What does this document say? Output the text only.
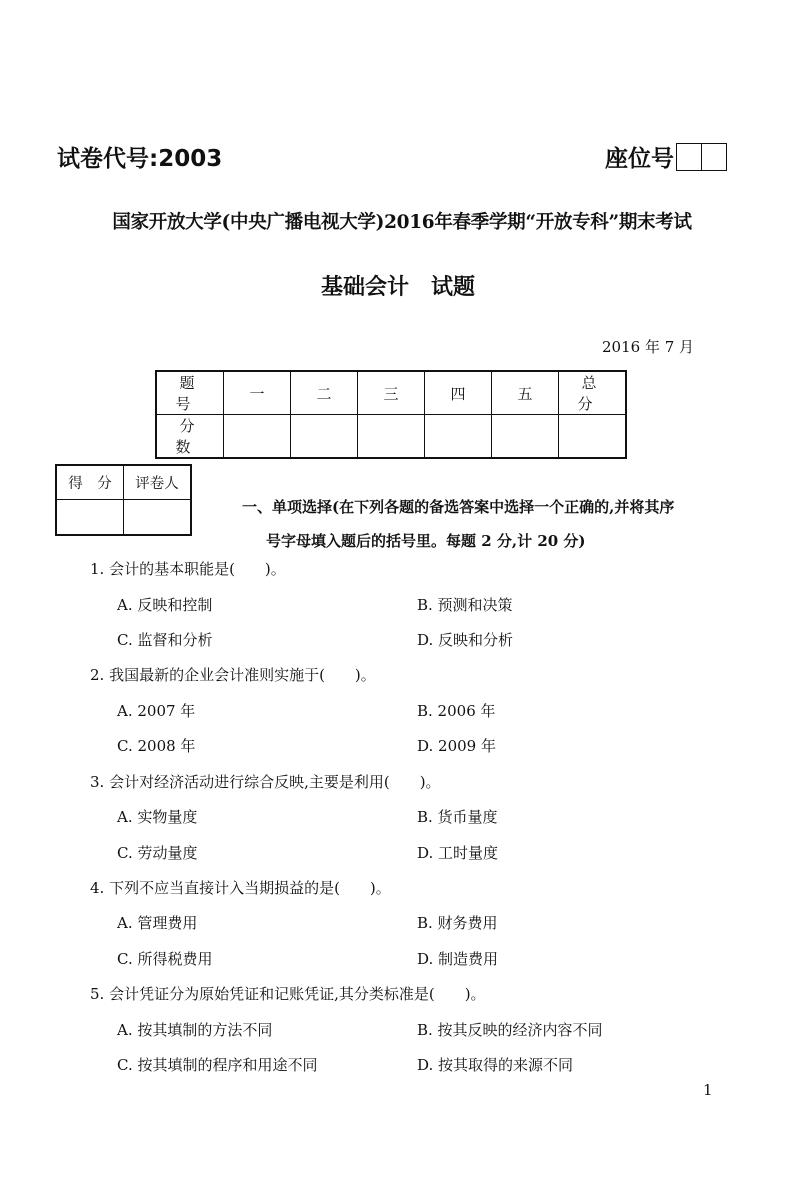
试卷代号:2003	座位号
国家开放大学(中央广播电视大学)2016年春季学期“开放专科”期末考试
基础会计　试题
2016 年 7 月
题　号	一	二	三	四	五	总　分
分　数						
得　分	评卷人

一、单项选择(在下列各题的备选答案中选择一个正确的,并将其序
号字母填入题后的括号里。每题 2 分,计 20 分)
1. 会计的基本职能是(　　)。
A. 反映和控制	B. 预测和决策
C. 监督和分析	D. 反映和分析
2. 我国最新的企业会计准则实施于(　　)。
A. 2007 年	B. 2006 年
C. 2008 年	D. 2009 年
3. 会计对经济活动进行综合反映,主要是利用(　　)。
A. 实物量度	B. 货币量度
C. 劳动量度	D. 工时量度
4. 下列不应当直接计入当期损益的是(　　)。
A. 管理费用	B. 财务费用
C. 所得税费用	D. 制造费用
5. 会计凭证分为原始凭证和记账凭证,其分类标准是(　　)。
A. 按其填制的方法不同	B. 按其反映的经济内容不同
C. 按其填制的程序和用途不同	D. 按其取得的来源不同
1
